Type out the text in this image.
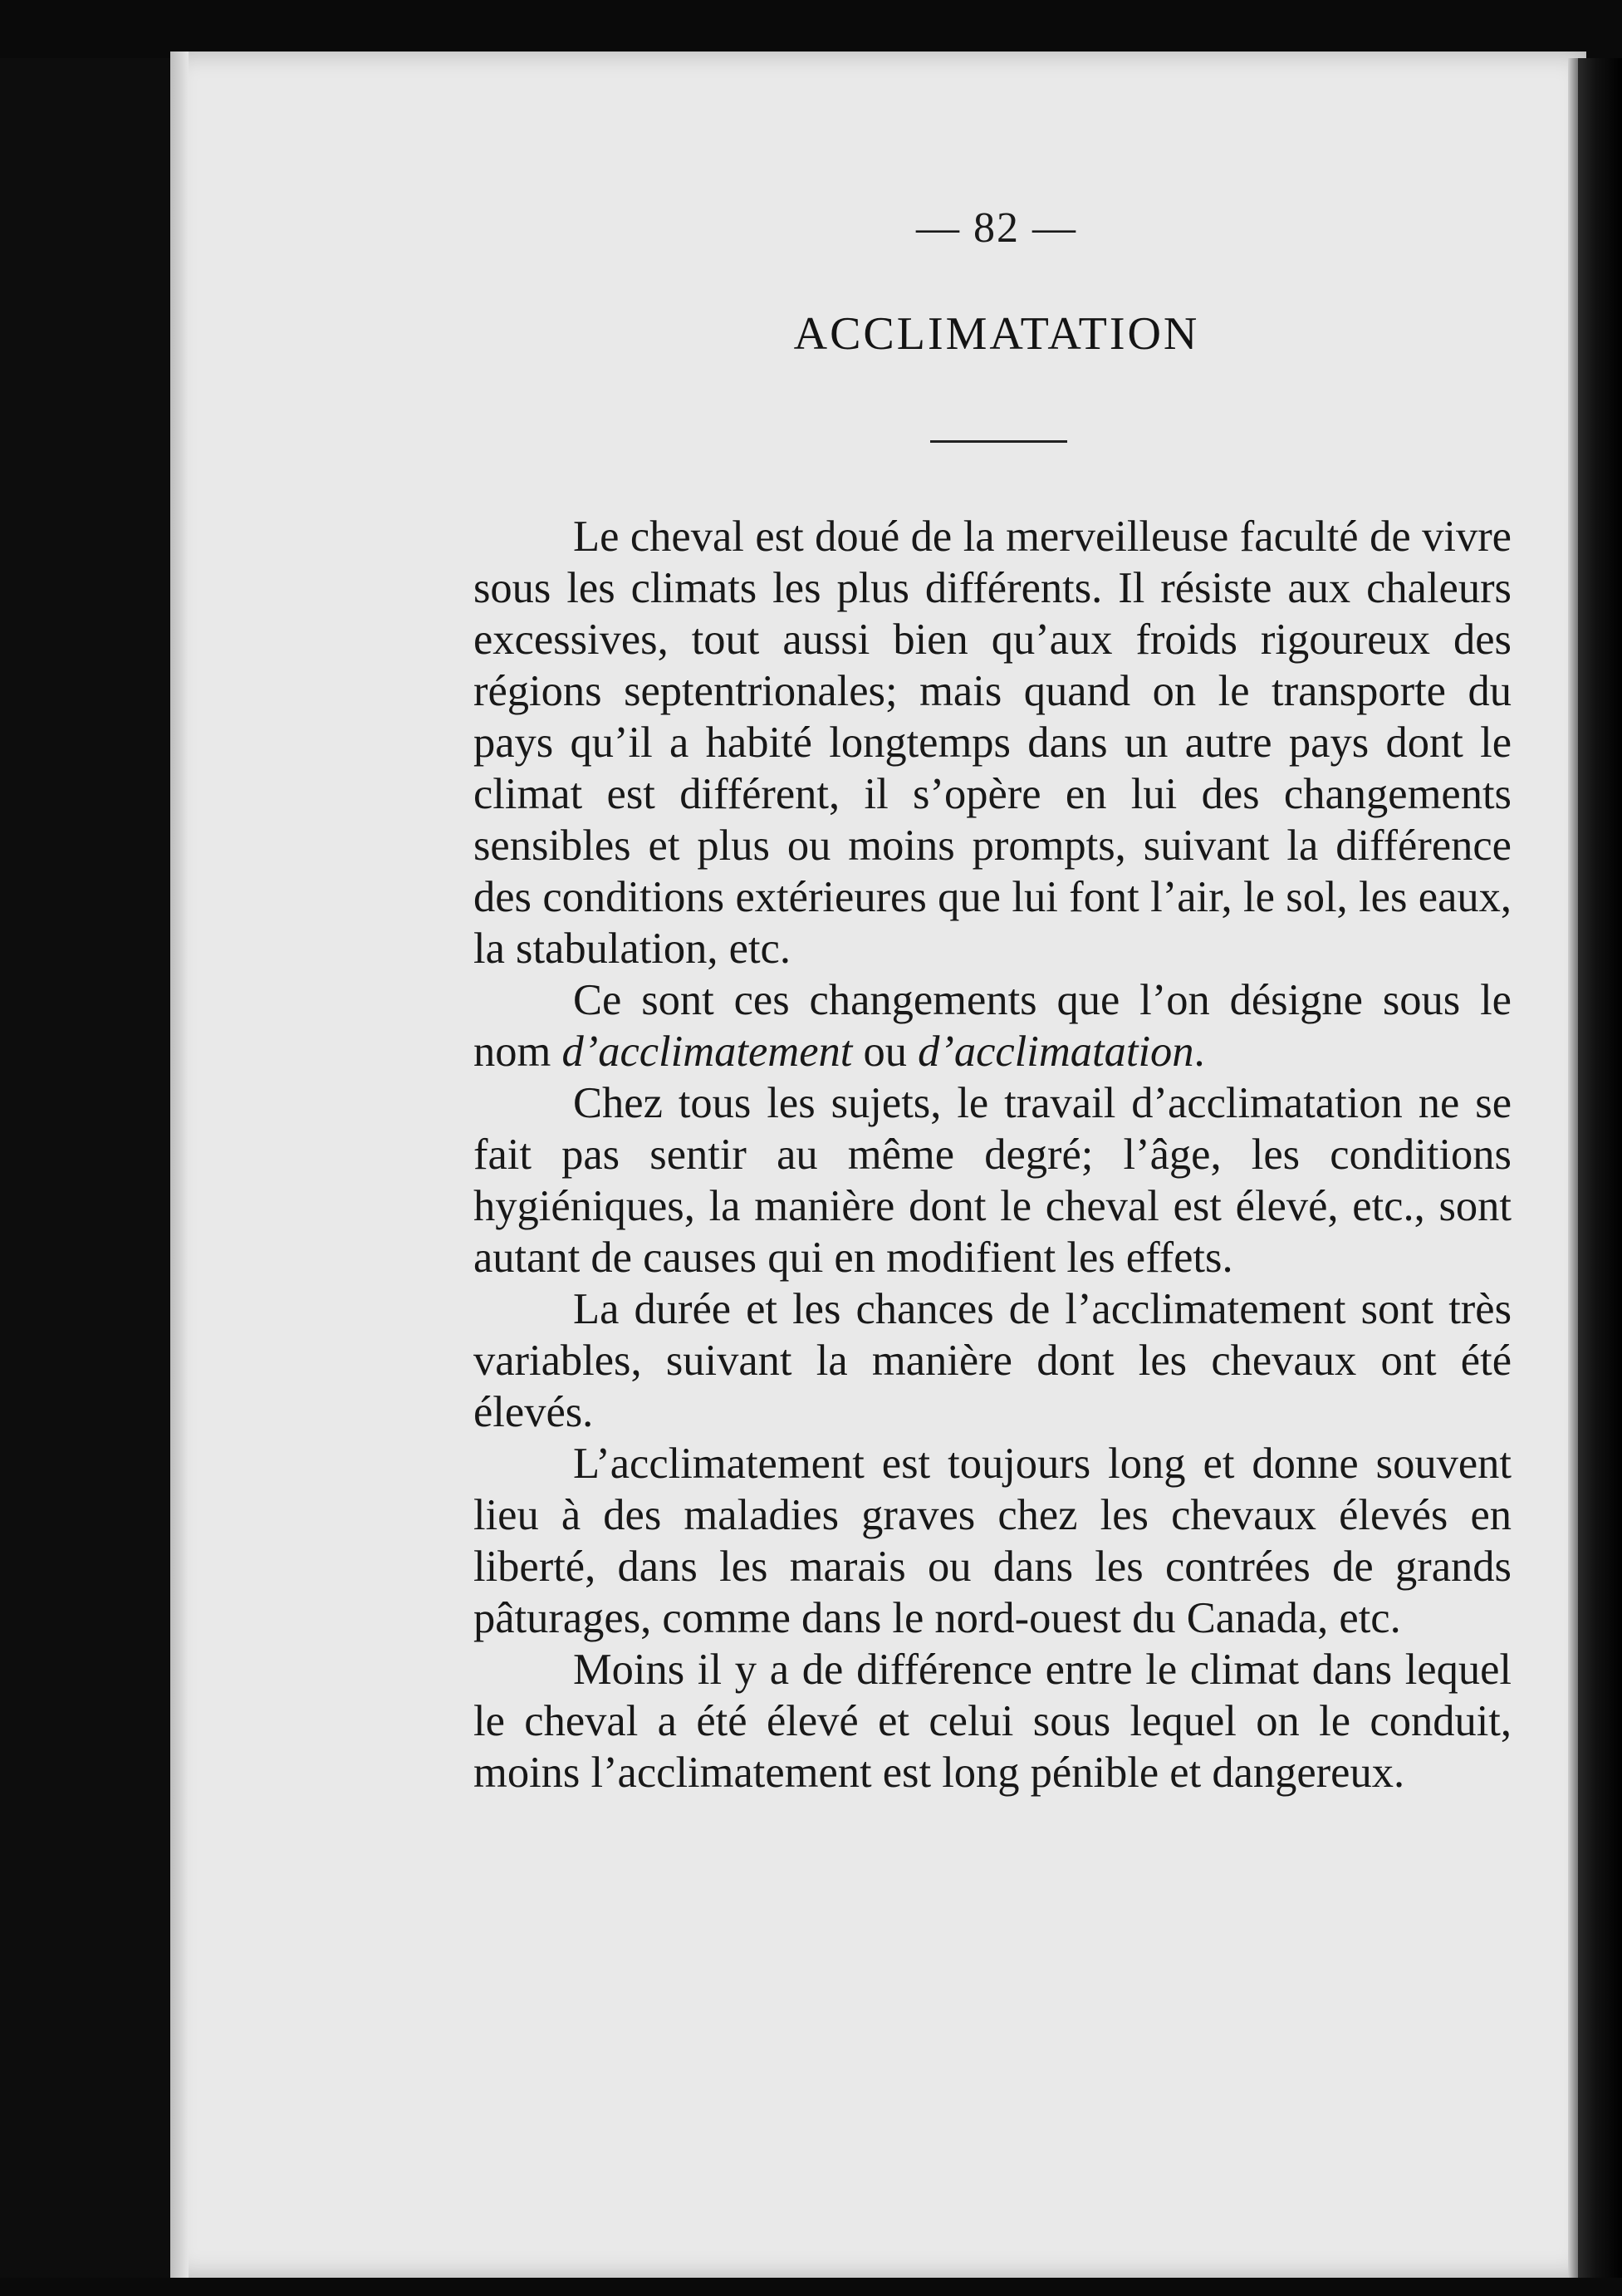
— 82 —
ACCLIMATATION

Le cheval est doué de la merveilleuse faculté de vivre sous les climats les plus différents. Il résiste aux chaleurs excessives, tout aussi bien qu’aux froids rigoureux des régions septentrionales; mais quand on le transporte du pays qu’il a habité longtemps dans un autre pays dont le climat est différent, il s’opère en lui des changements sensibles et plus ou moins prompts, suivant la différence des conditions extérieures que lui font l’air, le sol, les eaux, la stabulation, etc.

Ce sont ces changements que l’on désigne sous le nom d’acclimatement ou d’acclimatation.

Chez tous les sujets, le travail d’acclimatation ne se fait pas sentir au même degré; l’âge, les conditions hygiéniques, la manière dont le cheval est élevé, etc., sont autant de causes qui en modifient les effets.

La durée et les chances de l’acclimatement sont très variables, suivant la manière dont les chevaux ont été élevés.

L’acclimatement est toujours long et donne souvent lieu à des maladies graves chez les chevaux élevés en liberté, dans les marais ou dans les contrées de grands pâturages, comme dans le nord-ouest du Canada, etc.

Moins il y a de différence entre le climat dans lequel le cheval a été élevé et celui sous lequel on le conduit, moins l’acclimatement est long pénible et dangereux.
